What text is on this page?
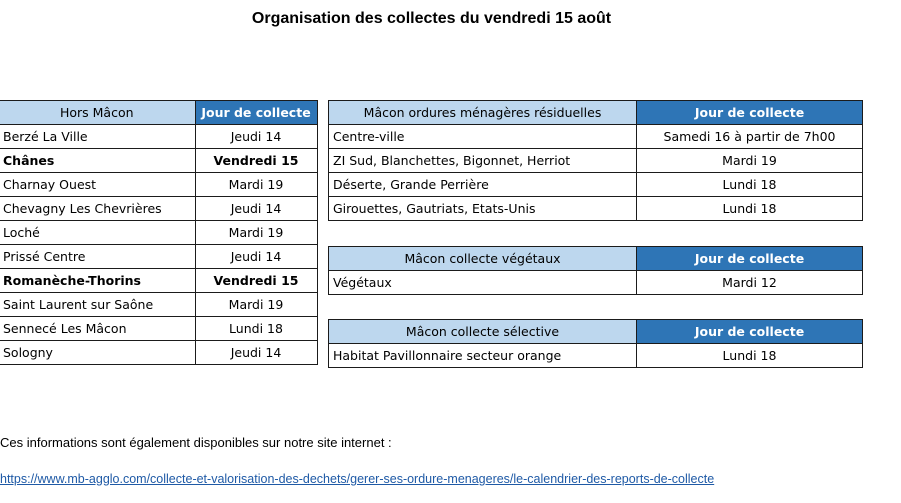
Organisation des collectes du vendredi 15 août
Hors Mâcon	Jour de collecte
Berzé La Ville	Jeudi 14
Chânes	Vendredi 15
Charnay Ouest	Mardi 19
Chevagny Les Chevrières	Jeudi 14
Loché	Mardi 19
Prissé Centre	Jeudi 14
Romanèche-Thorins	Vendredi 15
Saint Laurent sur Saône	Mardi 19
Sennecé Les Mâcon	Lundi 18
Sologny	Jeudi 14
Mâcon ordures ménagères résiduelles	Jour de collecte
Centre-ville	Samedi 16 à partir de 7h00
ZI Sud, Blanchettes, Bigonnet, Herriot	Mardi 19
Déserte, Grande Perrière	Lundi 18
Girouettes, Gautriats, Etats-Unis	Lundi 18
Mâcon collecte végétaux	Jour de collecte
Végétaux	Mardi 12
Mâcon collecte sélective	Jour de collecte
Habitat Pavillonnaire secteur orange	Lundi 18
Ces informations sont également disponibles sur notre site internet :
https://www.mb-agglo.com/collecte-et-valorisation-des-dechets/gerer-ses-ordure-menageres/le-calendrier-des-reports-de-collecte
